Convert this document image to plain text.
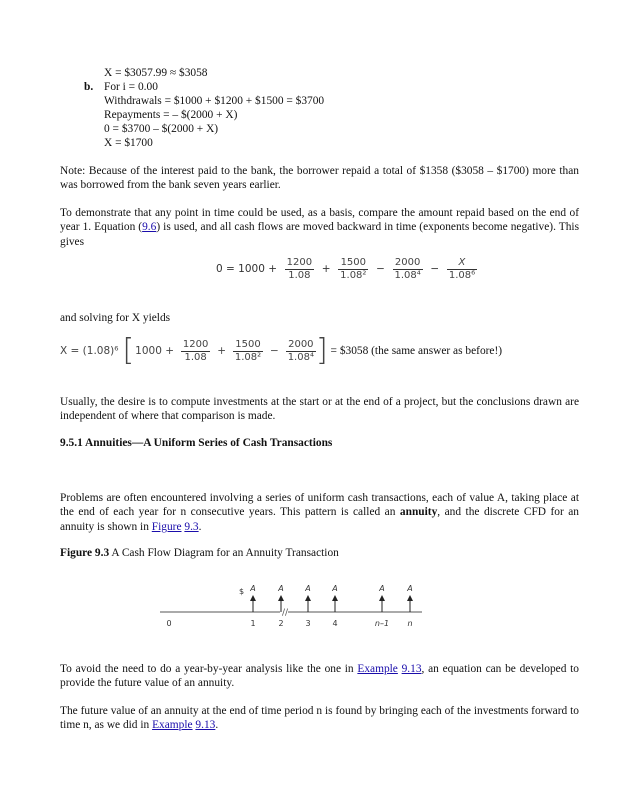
X = $3057.99 ≈ $3058
b. For i = 0.00
Withdrawals = $1000 + $1200 + $1500 = $3700
Repayments = – $(2000 + X)
0 = $3700 – $(2000 + X)
X = $1700

Note: Because of the interest paid to the bank, the borrower repaid a total of $1358 ($3058 – $1700) more than was borrowed from the bank seven years earlier.

To demonstrate that any point in time could be used, as a basis, compare the amount repaid based on the end of year 1. Equation (9.6) is used, and all cash flows are moved backward in time (exponents become negative). This gives

$0 = 1000 + \frac{1200}{1.08} + \frac{1500}{\text{1.08²}} - \frac{2000}{\text{1.08⁴}} - \frac{X}{\text{1.08⁶}}$

and solving for X yields

X = (1.08)⁶ [$1000 + \frac{1200}{1.08} + \frac{1500}{\text{1.08²}} - \frac{2000}{\text{1.08⁴}}$ ] = $3058 (the same answer as before!)

Usually, the desire is to compute investments at the start or at the end of a project, but the conclusions drawn are independent of where that comparison is made.

9.5.1 Annuities—A Uniform Series of Cash Transactions

Problems are often encountered involving a series of uniform cash transactions, each of value A, taking place at the end of each year for n consecutive years. This pattern is called an annuity, and the discrete CFD for an annuity is shown in Figure 9.3.

Figure 9.3 A Cash Flow Diagram for an Annuity Transaction

To avoid the need to do a year-by-year analysis like the one in Example 9.13, an equation can be developed to provide the future value of an annuity.

The future value of an annuity at the end of time period n is found by bringing each of the investments forward to time n, as we did in Example 9.13.

//
$ A	A	A	A	A	A
0	1	2	3	4	n–1 n
